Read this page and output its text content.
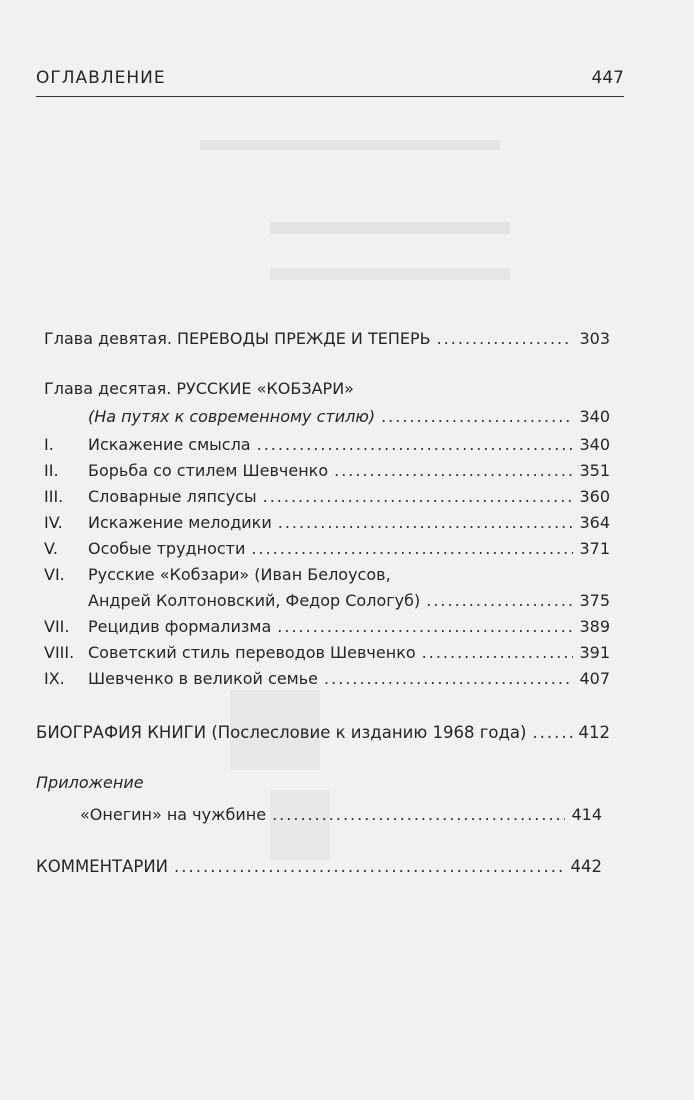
ОГЛАВЛЕНИЕ	447
Глава девятая. ПЕРЕВОДЫ ПРЕЖДЕ И ТЕПЕРЬ .....	303
Глава десятая. РУССКИЕ «КОБЗАРИ»
(На путях к современному стилю) .....	340
I.	Искажение смысла .....	340
II.	Борьба со стилем Шевченко .....	351
III.	Словарные ляпсусы .....	360
IV.	Искажение мелодики .....	364
V.	Особые трудности .....	371
VI.	Русские «Кобзари» (Иван Белоусов,
Андрей Колтоновский, Федор Сологуб) .....	375
VII.	Рецидив формализма .....	389
VIII. Советский стиль переводов Шевченко .....	391
IX.	Шевченко в великой семье .....	407
БИОГРАФИЯ КНИГИ (Послесловие к изданию 1968 года) .....	412
Приложение
«Онегин» на чужбине .....	414
КОММЕНТАРИИ .....	442
